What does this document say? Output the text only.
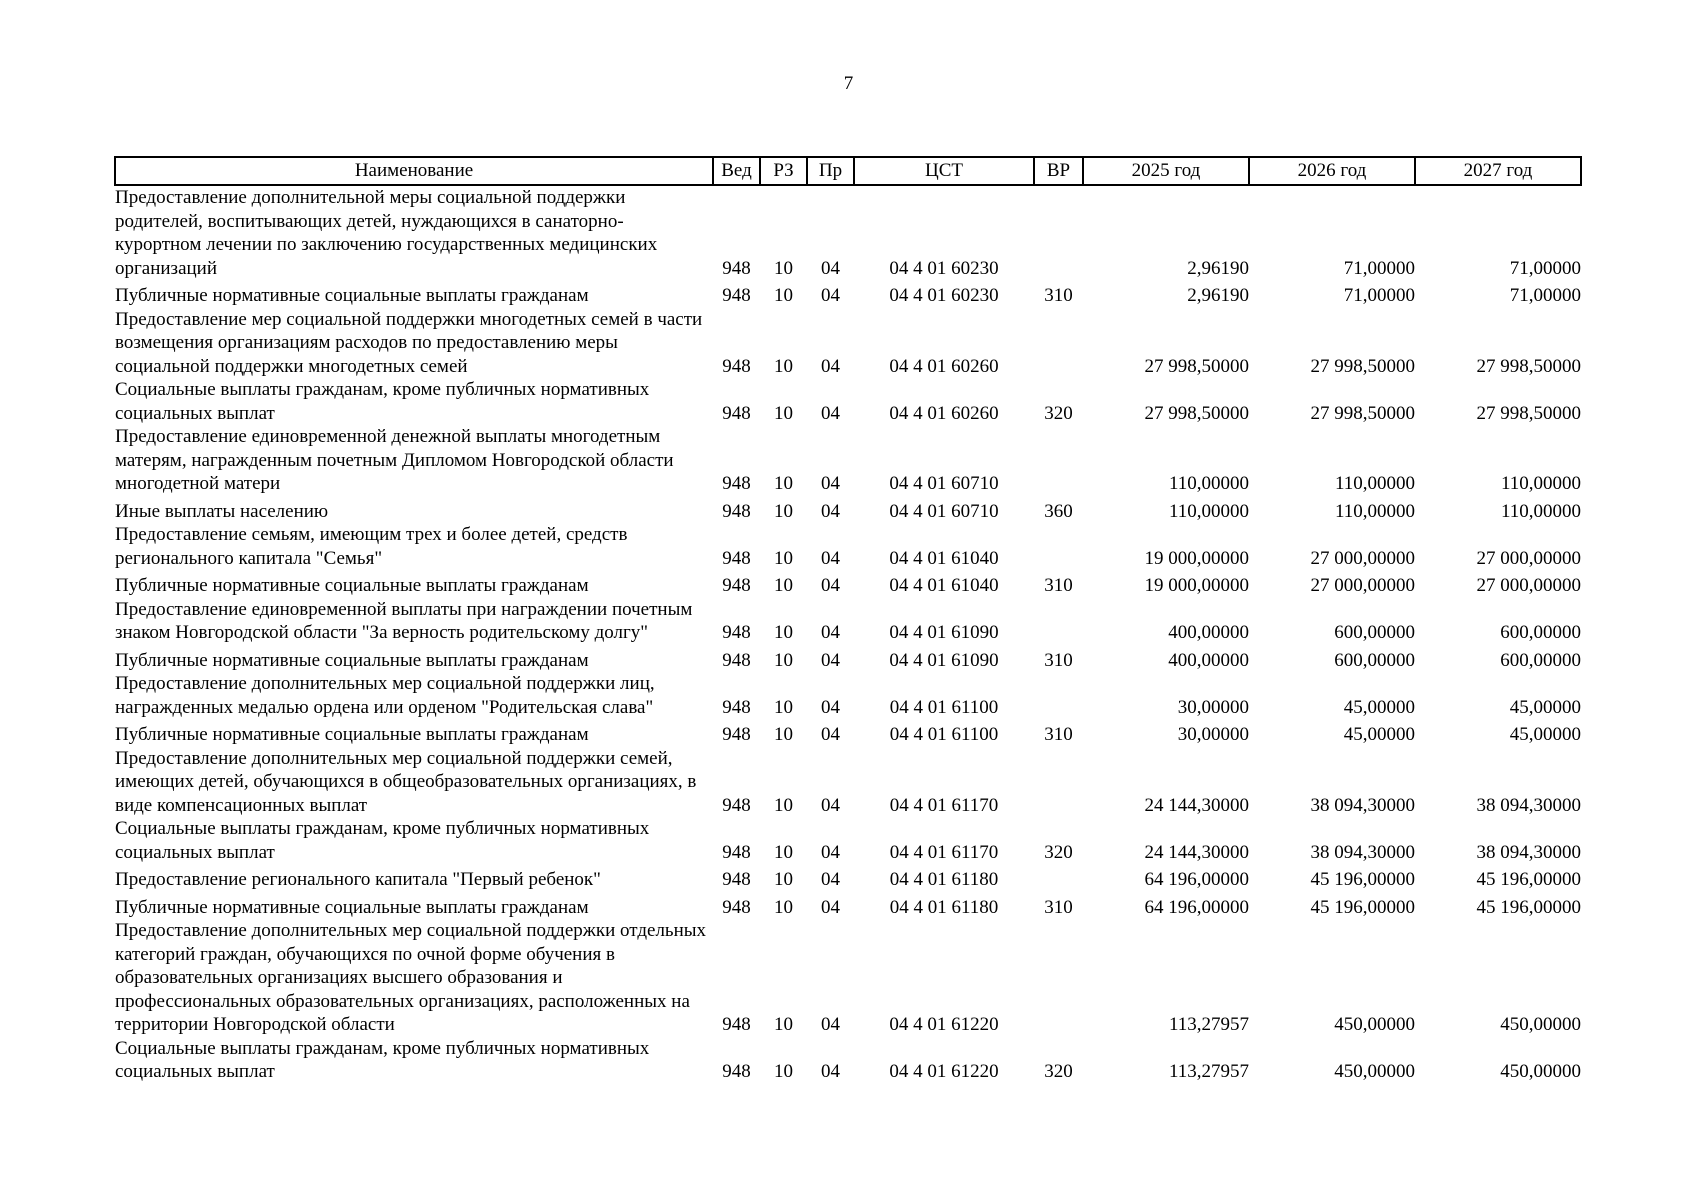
7
Наименование	Вед	РЗ	Пр	ЦСТ	ВР	2025 год	2026 год	2027 год
Предоставление дополнительной меры социальной поддержки родителей, воспитывающих детей, нуждающихся в санаторно-курортном лечении по заключению государственных медицинских организаций	948	10	04	04 4 01 60230		2,96190	71,00000	71,00000
Публичные нормативные социальные выплаты гражданам	948	10	04	04 4 01 60230	310	2,96190	71,00000	71,00000
Предоставление мер социальной поддержки многодетных семей в части возмещения организациям расходов по предоставлению меры социальной поддержки многодетных семей	948	10	04	04 4 01 60260		27 998,50000	27 998,50000	27 998,50000
Социальные выплаты гражданам, кроме публичных нормативных социальных выплат	948	10	04	04 4 01 60260	320	27 998,50000	27 998,50000	27 998,50000
Предоставление единовременной денежной выплаты многодетным матерям, награжденным почетным Дипломом Новгородской области многодетной матери	948	10	04	04 4 01 60710		110,00000	110,00000	110,00000
Иные выплаты населению	948	10	04	04 4 01 60710	360	110,00000	110,00000	110,00000
Предоставление семьям, имеющим трех и более детей, средств регионального капитала "Семья"	948	10	04	04 4 01 61040		19 000,00000	27 000,00000	27 000,00000
Публичные нормативные социальные выплаты гражданам	948	10	04	04 4 01 61040	310	19 000,00000	27 000,00000	27 000,00000
Предоставление единовременной выплаты при награждении почетным знаком Новгородской области "За верность родительскому долгу"	948	10	04	04 4 01 61090		400,00000	600,00000	600,00000
Публичные нормативные социальные выплаты гражданам	948	10	04	04 4 01 61090	310	400,00000	600,00000	600,00000
Предоставление дополнительных мер социальной поддержки лиц, награжденных медалью ордена или орденом "Родительская слава"	948	10	04	04 4 01 61100		30,00000	45,00000	45,00000
Публичные нормативные социальные выплаты гражданам	948	10	04	04 4 01 61100	310	30,00000	45,00000	45,00000
Предоставление дополнительных мер социальной поддержки семей, имеющих детей, обучающихся в общеобразовательных организациях, в виде компенсационных выплат	948	10	04	04 4 01 61170		24 144,30000	38 094,30000	38 094,30000
Социальные выплаты гражданам, кроме публичных нормативных социальных выплат	948	10	04	04 4 01 61170	320	24 144,30000	38 094,30000	38 094,30000
Предоставление регионального капитала "Первый ребенок"	948	10	04	04 4 01 61180		64 196,00000	45 196,00000	45 196,00000
Публичные нормативные социальные выплаты гражданам	948	10	04	04 4 01 61180	310	64 196,00000	45 196,00000	45 196,00000
Предоставление дополнительных мер социальной поддержки отдельных категорий граждан, обучающихся по очной форме обучения в образовательных организациях высшего образования и профессиональных образовательных организациях, расположенных на территории Новгородской области	948	10	04	04 4 01 61220		113,27957	450,00000	450,00000
Социальные выплаты гражданам, кроме публичных нормативных социальных выплат	948	10	04	04 4 01 61220	320	113,27957	450,00000	450,00000
